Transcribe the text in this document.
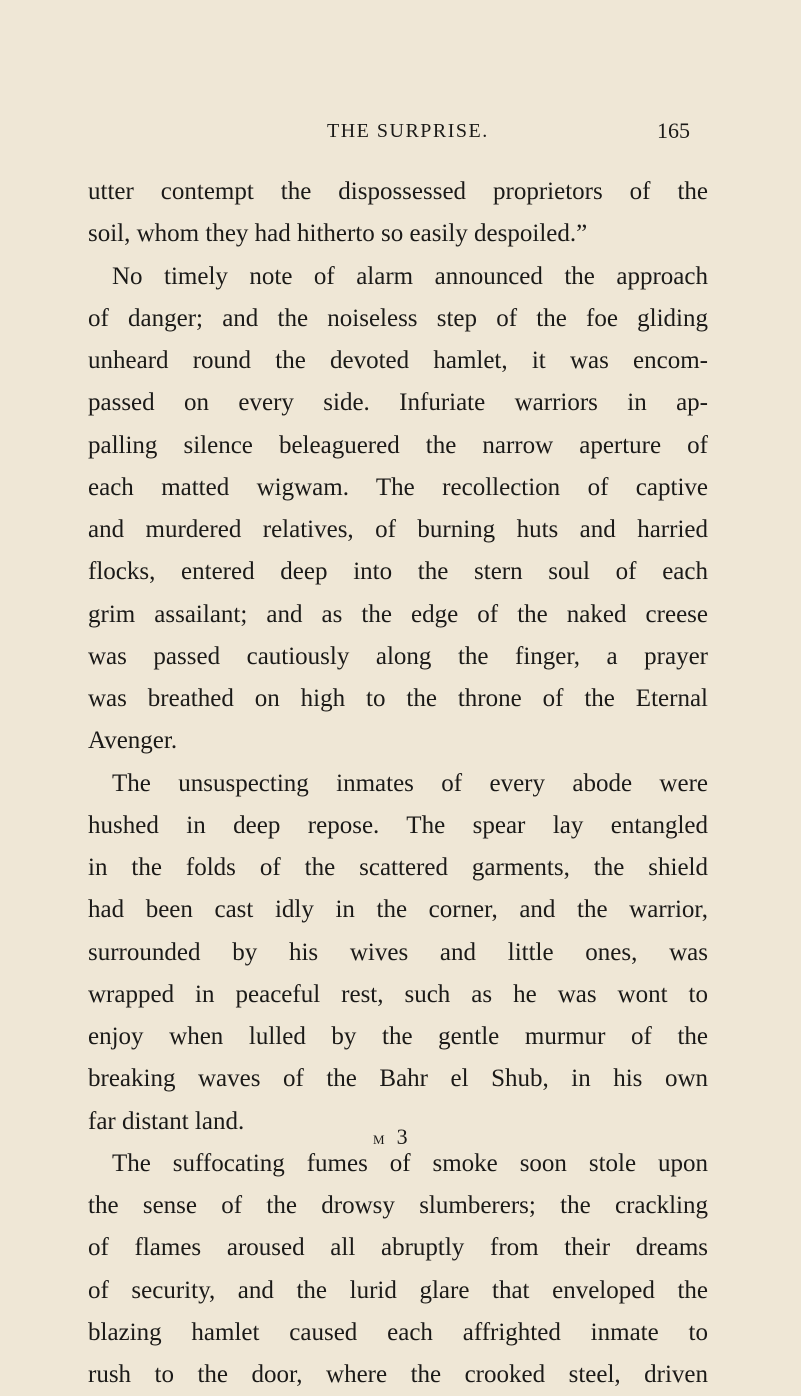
THE SURPRISE.	165
utter contempt the dispossessed proprietors of the
soil, whom they had hitherto so easily despoiled.”
No timely note of alarm announced the approach
of danger; and the noiseless step of the foe gliding
unheard round the devoted hamlet, it was encom-
passed on every side. Infuriate warriors in ap-
palling silence beleaguered the narrow aperture of
each matted wigwam. The recollection of captive
and murdered relatives, of burning huts and harried
flocks, entered deep into the stern soul of each
grim assailant; and as the edge of the naked creese
was passed cautiously along the finger, a prayer
was breathed on high to the throne of the Eternal
Avenger.
The unsuspecting inmates of every abode were
hushed in deep repose. The spear lay entangled
in the folds of the scattered garments, the shield
had been cast idly in the corner, and the warrior,
surrounded by his wives and little ones, was
wrapped in peaceful rest, such as he was wont to
enjoy when lulled by the gentle murmur of the
breaking waves of the Bahr el Shub, in his own
far distant land.
The suffocating fumes of smoke soon stole upon
the sense of the drowsy slumberers; the crackling
of flames aroused all abruptly from their dreams
of security, and the lurid glare that enveloped the
blazing hamlet caused each affrighted inmate to
rush to the door, where the crooked steel, driven
m 3
